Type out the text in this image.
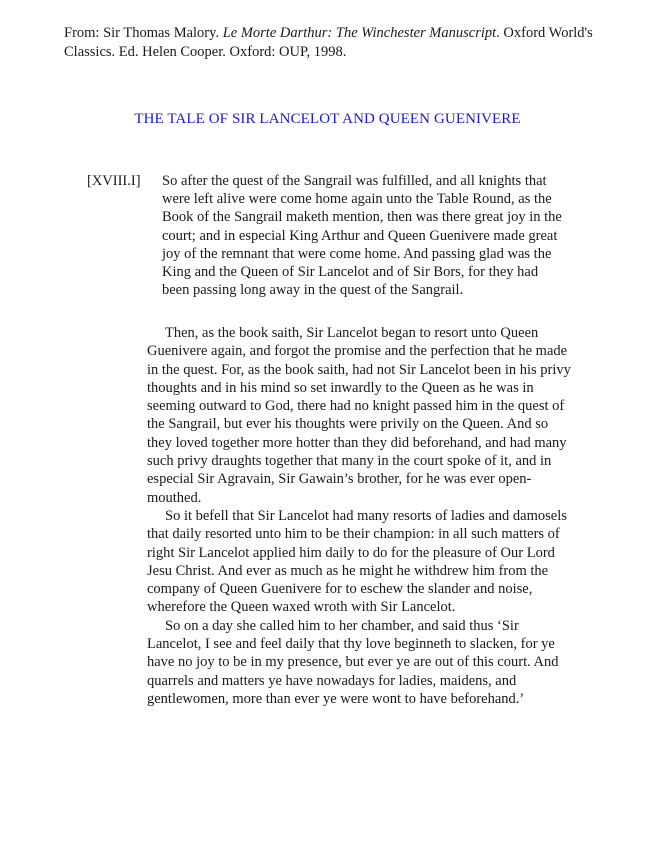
From: Sir Thomas Malory. Le Morte Darthur: The Winchester Manuscript. Oxford World's Classics. Ed. Helen Cooper. Oxford: OUP, 1998.
THE TALE OF SIR LANCELOT AND QUEEN GUENIVERE
[XVIII.I] So after the quest of the Sangrail was fulfilled, and all knights that were left alive were come home again unto the Table Round, as the Book of the Sangrail maketh mention, then was there great joy in the court; and in especial King Arthur and Queen Guenivere made great joy of the remnant that were come home. And passing glad was the King and the Queen of Sir Lancelot and of Sir Bors, for they had been passing long away in the quest of the Sangrail.

Then, as the book saith, Sir Lancelot began to resort unto Queen Guenivere again, and forgot the promise and the perfection that he made in the quest. For, as the book saith, had not Sir Lancelot been in his privy thoughts and in his mind so set inwardly to the Queen as he was in seeming outward to God, there had no knight passed him in the quest of the Sangrail, but ever his thoughts were privily on the Queen. And so they loved together more hotter than they did beforehand, and had many such privy draughts together that many in the court spoke of it, and in especial Sir Agravain, Sir Gawain’s brother, for he was ever open-mouthed.

So it befell that Sir Lancelot had many resorts of ladies and damosels that daily resorted unto him to be their champion: in all such matters of right Sir Lancelot applied him daily to do for the pleasure of Our Lord Jesu Christ. And ever as much as he might he withdrew him from the company of Queen Guenivere for to eschew the slander and noise, wherefore the Queen waxed wroth with Sir Lancelot.

So on a day she called him to her chamber, and said thus ‘Sir Lancelot, I see and feel daily that thy love beginneth to slacken, for ye have no joy to be in my presence, but ever ye are out of this court. And quarrels and matters ye have nowadays for ladies, maidens, and gentlewomen, more than ever ye were wont to have beforehand.’
